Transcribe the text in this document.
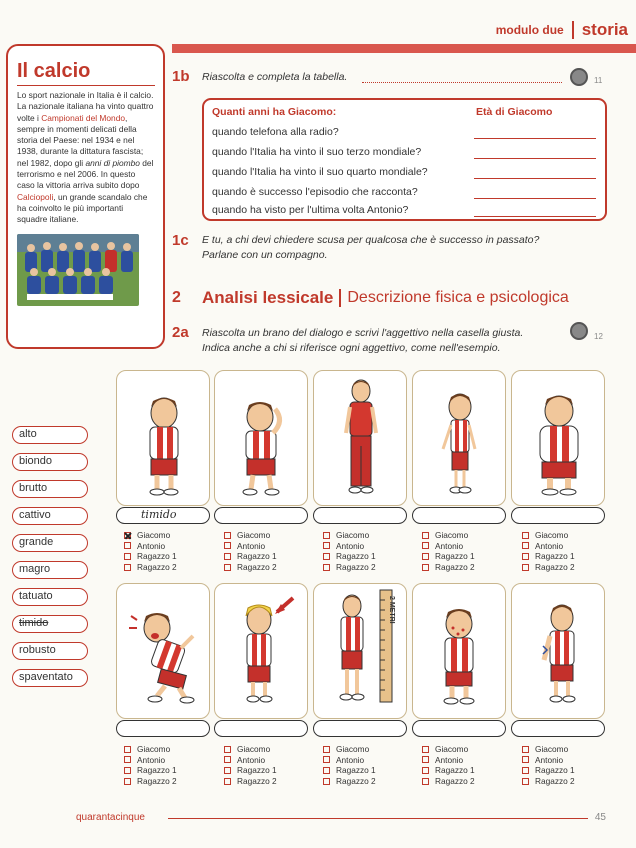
modulo due storia
Il calcio

Lo sport nazionale in Italia è il calcio. La nazionale italiana ha vinto quattro volte i Campionati del Mondo, sempre in momenti delicati della storia del Paese: nel 1934 e nel 1938, durante la dittatura fascista; nel 1982, dopo gli anni di piombo del terrorismo e nel 2006. In questo caso la vittoria arriva subito dopo Calciopoli, un grande scandalo che ha coinvolto le più importanti squadre italiane.

1b Riascolta e completa la tabella.	11
Quanti anni ha Giacomo:	Età di Giacomo
quando telefona alla radio?
quando l'Italia ha vinto il suo terzo mondiale?
quando l'Italia ha vinto il suo quarto mondiale?
quando è successo l'episodio che racconta?
quando ha visto per l'ultima volta Antonio?
1c E tu, a chi devi chiedere scusa per qualcosa che è successo in passato?
Parlane con un compagno.
2	Analisi lessicale Descrizione fisica e psicologica
2a Riascolta un brano del dialogo e scrivi l'aggettivo nella casella giusta.
Indica anche a chi si riferisce ogni aggettivo, come nell'esempio.
12
alto
biondo
brutto
cattivo
grande
magro
tatuato
timido
robusto
spaventato
timido
Giacomo
Antonio
Ragazzo 1
Ragazzo 2
Giacomo
Antonio
Ragazzo 1
Ragazzo 2
Giacomo
Antonio
Ragazzo 1
Ragazzo 2
Giacomo
Antonio
Ragazzo 1
Ragazzo 2
Giacomo
Antonio
Ragazzo 1
Ragazzo 2
2 METRI
Giacomo
Antonio
Ragazzo 1
Ragazzo 2
Giacomo
Antonio
Ragazzo 1
Ragazzo 2
Giacomo
Antonio
Ragazzo 1
Ragazzo 2
Giacomo
Antonio
Ragazzo 1
Ragazzo 2
Giacomo
Antonio
Ragazzo 1
Ragazzo 2
quarantacinque	45
